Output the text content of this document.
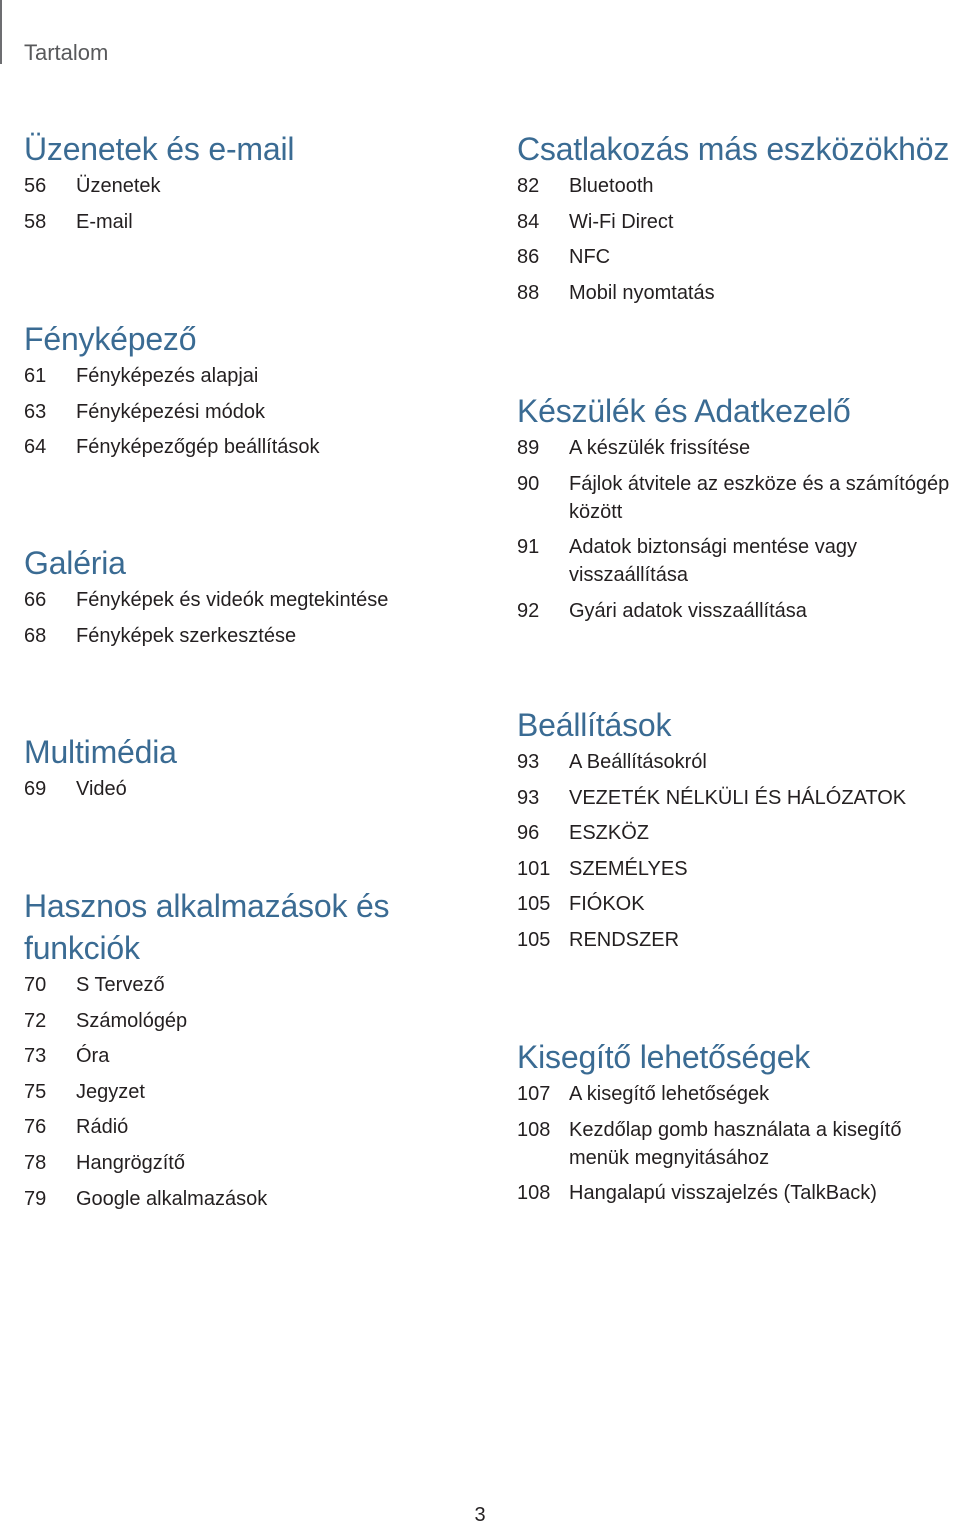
Tartalom
Üzenetek és e-mail
56	Üzenetek
58	E-mail
Fényképező
61	Fényképezés alapjai
63	Fényképezési módok
64	Fényképezőgép beállítások
Galéria
66	Fényképek és videók megtekintése
68	Fényképek szerkesztése
Multimédia
69	Videó
Hasznos alkalmazások és
funkciók
70	S Tervező
72	Számológép
73	Óra
75	Jegyzet
76	Rádió
78	Hangrögzítő
79	Google alkalmazások
Csatlakozás más eszközökhöz
82	Bluetooth
84	Wi-Fi Direct
86	NFC
88	Mobil nyomtatás
Készülék és Adatkezelő
89	A készülék frissítése
90	Fájlok átvitele az eszköze és a számítógép között
91	Adatok biztonsági mentése vagy visszaállítása
92	Gyári adatok visszaállítása
Beállítások
93	A Beállításokról
93	VEZETÉK NÉLKÜLI ÉS HÁLÓZATOK
96	ESZKÖZ
101 SZEMÉLYES
105 FIÓKOK
105 RENDSZER
Kisegítő lehetőségek
107 A kisegítő lehetőségek
108 Kezdőlap gomb használata a kisegítő menük megnyitásához
108 Hangalapú visszajelzés (TalkBack)
3
